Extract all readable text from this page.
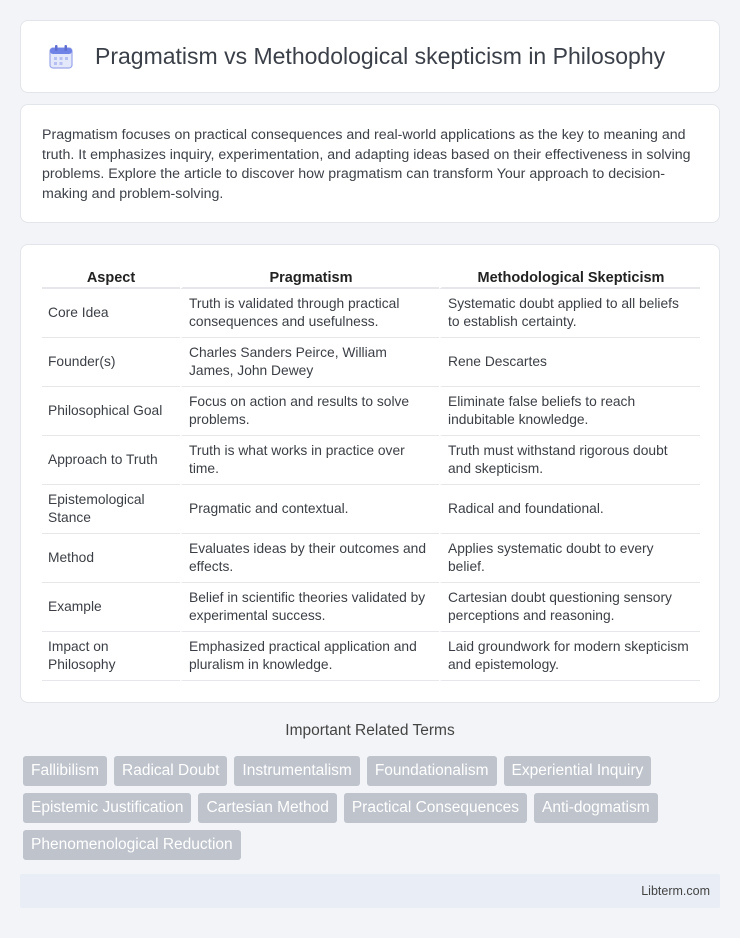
Pragmatism vs Methodological skepticism in Philosophy

Pragmatism focuses on practical consequences and real-world applications as the key to meaning and truth. It emphasizes inquiry, experimentation, and adapting ideas based on their effectiveness in solving problems. Explore the article to discover how pragmatism can transform Your approach to decision-making and problem-solving.

Aspect	Pragmatism	Methodological Skepticism
Core Idea	Truth is validated through practical consequences and usefulness.	Systematic doubt applied to all beliefs to establish certainty.
Founder(s)	Charles Sanders Peirce, William James, John Dewey	Rene Descartes
Philosophical Goal	Focus on action and results to solve problems.	Eliminate false beliefs to reach indubitable knowledge.
Approach to Truth	Truth is what works in practice over time.	Truth must withstand rigorous doubt and skepticism.
Epistemological Stance	Pragmatic and contextual.	Radical and foundational.
Method	Evaluates ideas by their outcomes and effects.	Applies systematic doubt to every belief.
Example	Belief in scientific theories validated by experimental success.	Cartesian doubt questioning sensory perceptions and reasoning.
Impact on Philosophy	Emphasized practical application and pluralism in knowledge.	Laid groundwork for modern skepticism and epistemology.
Important Related Terms
Fallibilism	Radical Doubt	Instrumentalism	Foundationalism	Experiential Inquiry
Epistemic Justification	Cartesian Method	Practical Consequences	Anti-dogmatism
Phenomenological Reduction
Libterm.com
